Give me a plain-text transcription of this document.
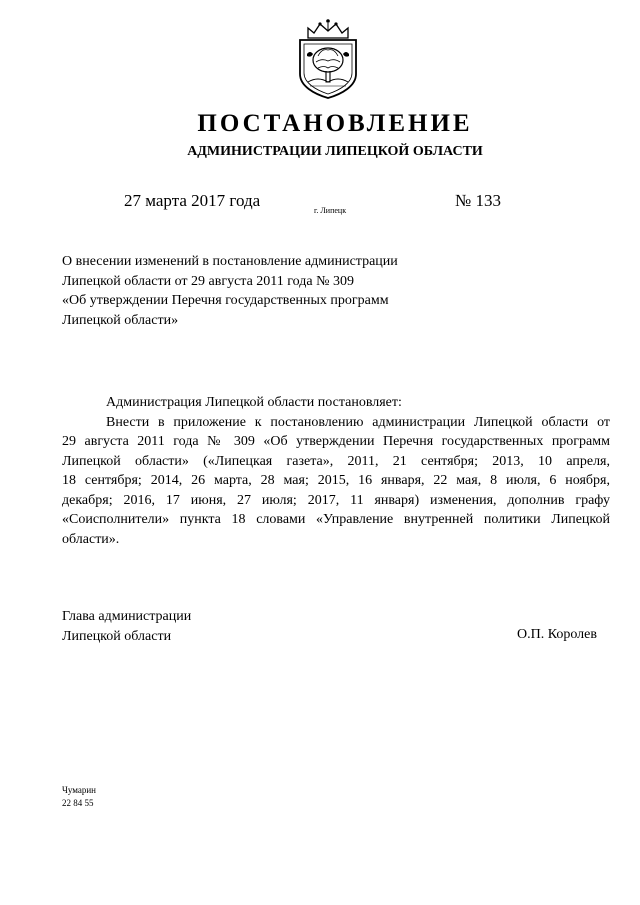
ПОСТАНОВЛЕНИЕ
АДМИНИСТРАЦИИ ЛИПЕЦКОЙ ОБЛАСТИ
27 марта 2017 года
г. Липецк
№ 133
О внесении изменений в постановление администрации
Липецкой области от 29 августа 2011 года № 309
«Об утверждении Перечня государственных программ
Липецкой области»
Администрация Липецкой области постановляет:
Внести в приложение к постановлению администрации Липецкой области от
29 августа 2011 года № 309 «Об утверждении Перечня государственных программ
Липецкой области» («Липецкая газета», 2011, 21 сентября; 2013, 10 апреля,
18 сентября; 2014, 26 марта, 28 мая; 2015, 16 января, 22 мая, 8 июля, 6 ноября,
декабря; 2016, 17 июня, 27 июля; 2017, 11 января) изменения, дополнив графу
«Соисполнители» пункта 18 словами «Управление внутренней политики Липецкой
области».
Глава администрации
Липецкой области	О.П. Королев
Чумарин
22 84 55
